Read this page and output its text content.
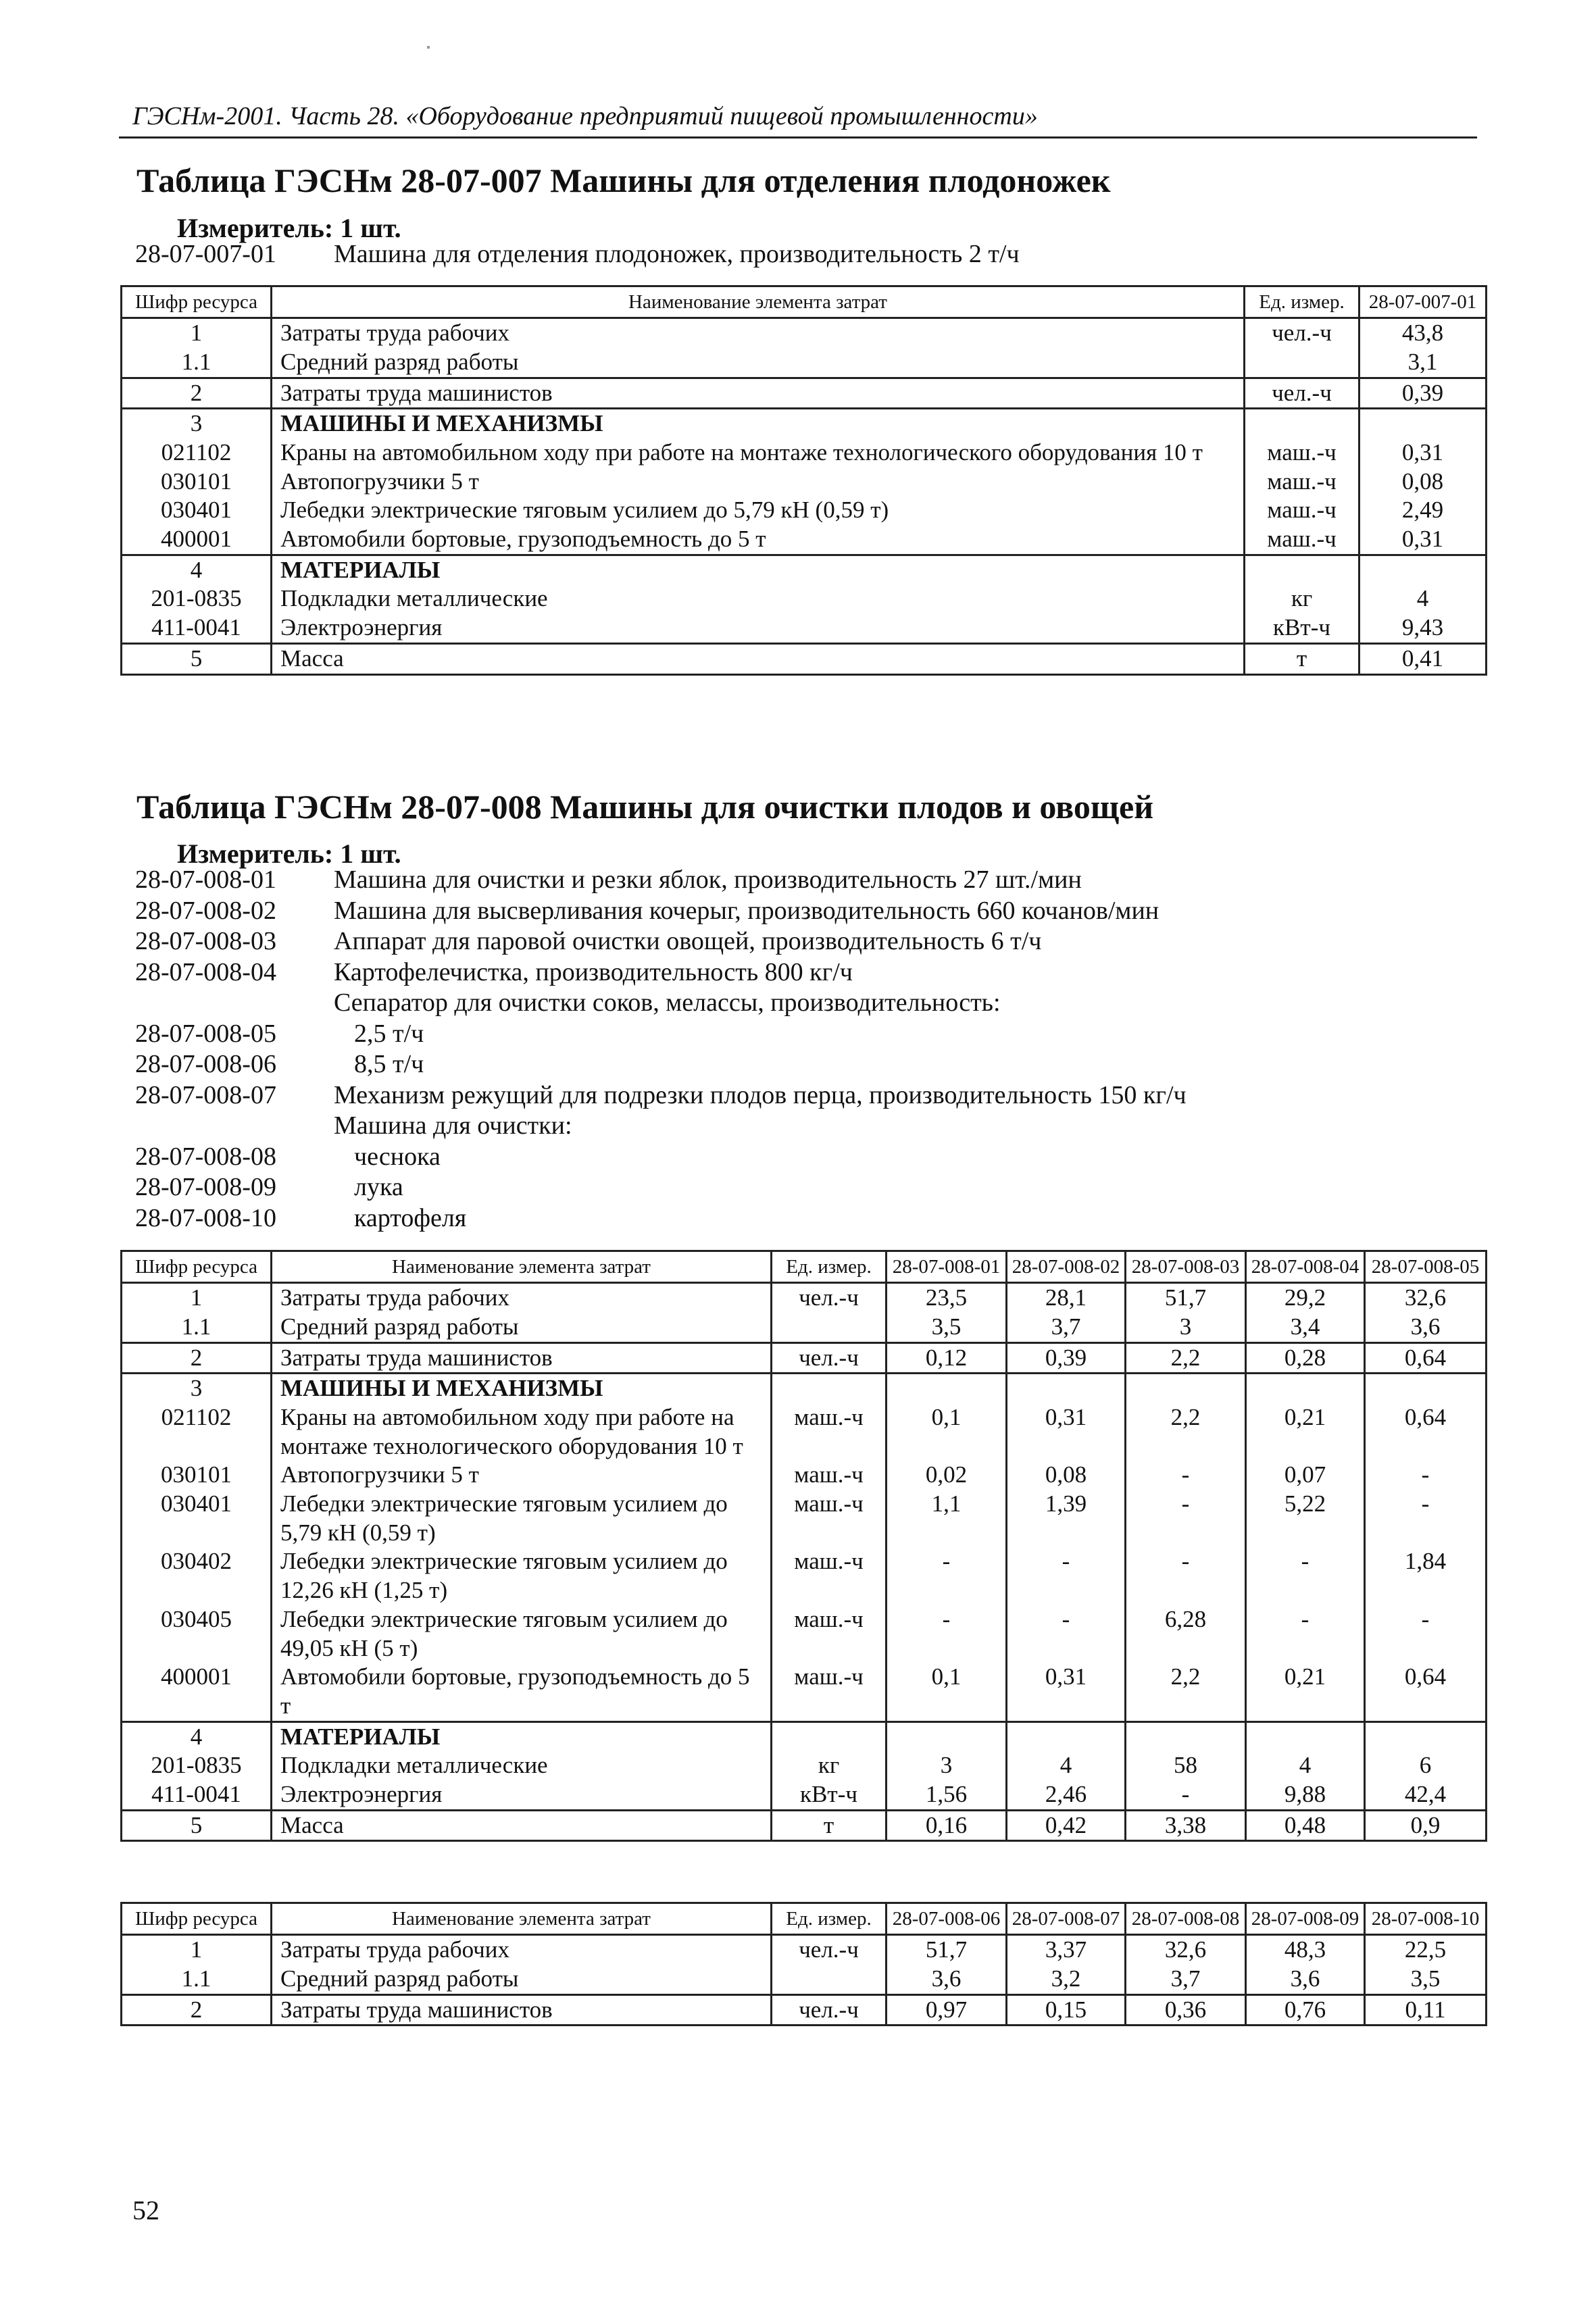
ГЭСНм-2001. Часть 28. «Оборудование предприятий пищевой промышленности»
Таблица ГЭСНм 28-07-007 Машины для отделения плодоножек
Измеритель: 1 шт.
28-07-007-01	Машина для отделения плодоножек, производительность 2 т/ч
Шифр ресурса	Наименование элемента затрат	Ед. измер.	28-07-007-01
1	Затраты труда рабочих	чел.-ч	43,8
1.1	Средний разряд работы		3,1
2	Затраты труда машинистов	чел.-ч	0,39
3	МАШИНЫ И МЕХАНИЗМЫ		
021102	Краны на автомобильном ходу при работе на монтаже технологического оборудования 10 т	маш.-ч	0,31
030101	Автопогрузчики 5 т	маш.-ч	0,08
030401	Лебедки электрические тяговым усилием до 5,79 кН (0,59 т)	маш.-ч	2,49
400001	Автомобили бортовые, грузоподъемность до 5 т	маш.-ч	0,31
4	МАТЕРИАЛЫ		
201-0835	Подкладки металлические	кг	4
411-0041	Электроэнергия	кВт-ч	9,43
5	Масса	т	0,41
Таблица ГЭСНм 28-07-008 Машины для очистки плодов и овощей
Измеритель: 1 шт.
28-07-008-01	Машина для очистки и резки яблок, производительность 27 шт./мин
28-07-008-02	Машина для высверливания кочерыг, производительность 660 кочанов/мин
28-07-008-03	Аппарат для паровой очистки овощей, производительность 6 т/ч
28-07-008-04	Картофелечистка, производительность 800 кг/ч
Сепаратор для очистки соков, мелассы, производительность:
28-07-008-05	2,5 т/ч
28-07-008-06	8,5 т/ч
28-07-008-07	Механизм режущий для подрезки плодов перца, производительность 150 кг/ч
Машина для очистки:
28-07-008-08	чеснока
28-07-008-09	лука
28-07-008-10	картофеля
Шифр ресурса	Наименование элемента затрат	Ед. измер.	28-07-008-01	28-07-008-02	28-07-008-03	28-07-008-04	28-07-008-05
1	Затраты труда рабочих	чел.-ч	23,5	28,1	51,7	29,2	32,6
1.1	Средний разряд работы		3,5	3,7	3	3,4	3,6
2	Затраты труда машинистов	чел.-ч	0,12	0,39	2,2	0,28	0,64
3	МАШИНЫ И МЕХАНИЗМЫ						
021102	Краны на автомобильном ходу при работе на монтаже технологического оборудования 10 т	маш.-ч	0,1	0,31	2,2	0,21	0,64
030101	Автопогрузчики 5 т	маш.-ч	0,02	0,08	-	0,07	-
030401	Лебедки электрические тяговым усилием до 5,79 кН (0,59 т)	маш.-ч	1,1	1,39	-	5,22	-
030402	Лебедки электрические тяговым усилием до 12,26 кН (1,25 т)	маш.-ч	-	-	-	-	1,84
030405	Лебедки электрические тяговым усилием до 49,05 кН (5 т)	маш.-ч	-	-	6,28	-	-
400001	Автомобили бортовые, грузоподъемность до 5 т	маш.-ч	0,1	0,31	2,2	0,21	0,64
4	МАТЕРИАЛЫ						
201-0835	Подкладки металлические	кг	3	4	58	4	6
411-0041	Электроэнергия	кВт-ч	1,56	2,46	-	9,88	42,4
5	Масса	т	0,16	0,42	3,38	0,48	0,9
Шифр ресурса	Наименование элемента затрат	Ед. измер.	28-07-008-06	28-07-008-07	28-07-008-08	28-07-008-09	28-07-008-10
1	Затраты труда рабочих	чел.-ч	51,7	3,37	32,6	48,3	22,5
1.1	Средний разряд работы		3,6	3,2	3,7	3,6	3,5
2	Затраты труда машинистов	чел.-ч	0,97	0,15	0,36	0,76	0,11
52
